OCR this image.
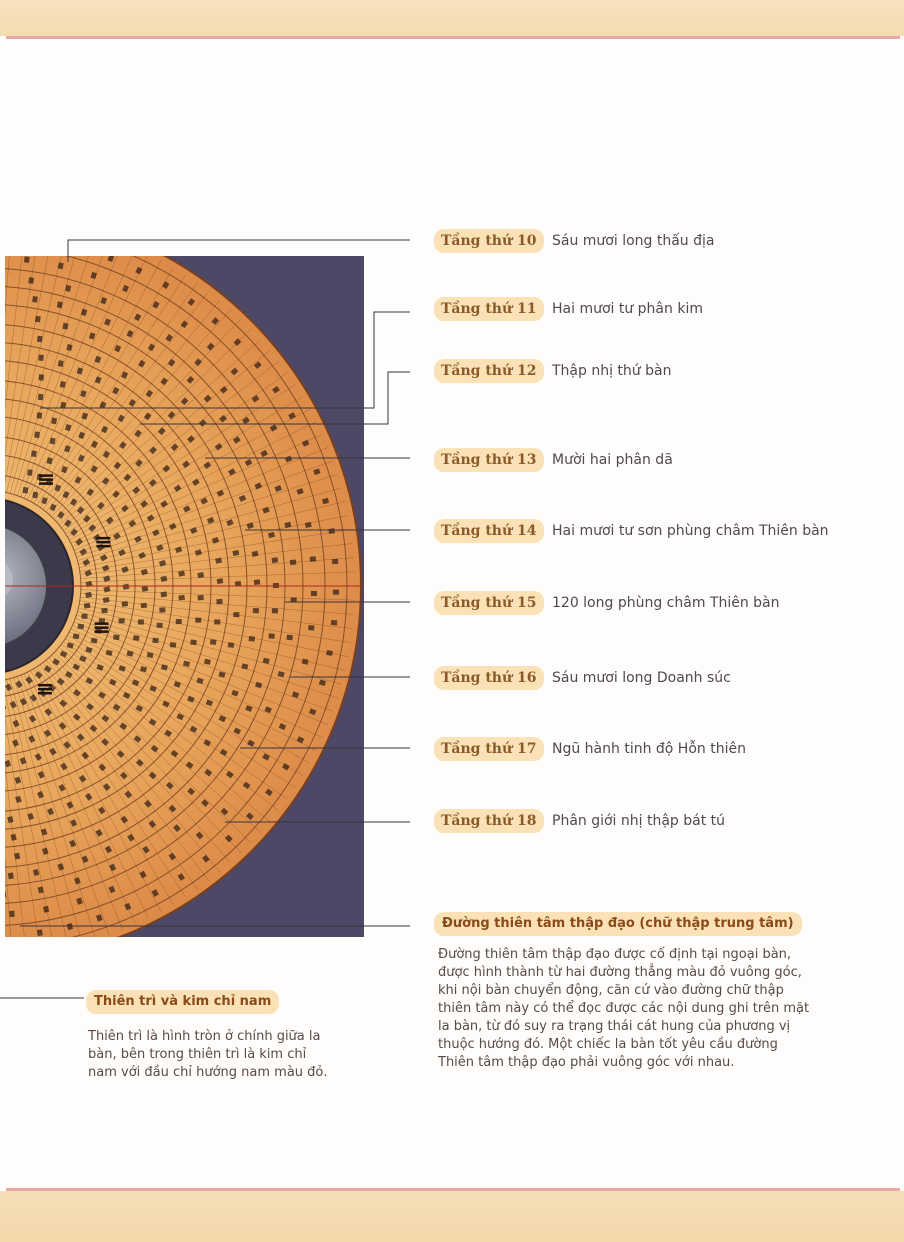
Tầng thứ 10	Sáu mươi long thấu địa
Tầng thứ 11	Hai mươi tư phân kim
Tầng thứ 12	Thập nhị thứ bàn
Tầng thứ 13	Mười hai phân dã
Tầng thứ 14	Hai mươi tư sơn phùng châm Thiên bàn
Tầng thứ 15	120 long phùng châm Thiên bàn
Tầng thứ 16	Sáu mươi long Doanh súc
Tầng thứ 17	Ngũ hành tinh độ Hỗn thiên
Tầng thứ 18	Phân giới nhị thập bát tú
Đường thiên tâm thập đạo (chữ thập trung tâm)
Đường thiên tâm thập đạo được cố định tại ngoại bàn, được hình thành từ hai đường thẳng màu đỏ vuông góc, khi nội bàn chuyển động, căn cứ vào đường chữ thập thiên tâm này có thể đọc được các nội dung ghi trên mặt la bàn, từ đó suy ra trạng thái cát hung của phương vị thuộc hướng đó. Một chiếc la bàn tốt yêu cầu đường Thiên tâm thập đạo phải vuông góc với nhau.
Thiên trì và kim chỉ nam
Thiên trì là hình tròn ở chính giữa la bàn, bên trong thiên trì là kim chỉ nam với đầu chỉ hướng nam màu đỏ.
